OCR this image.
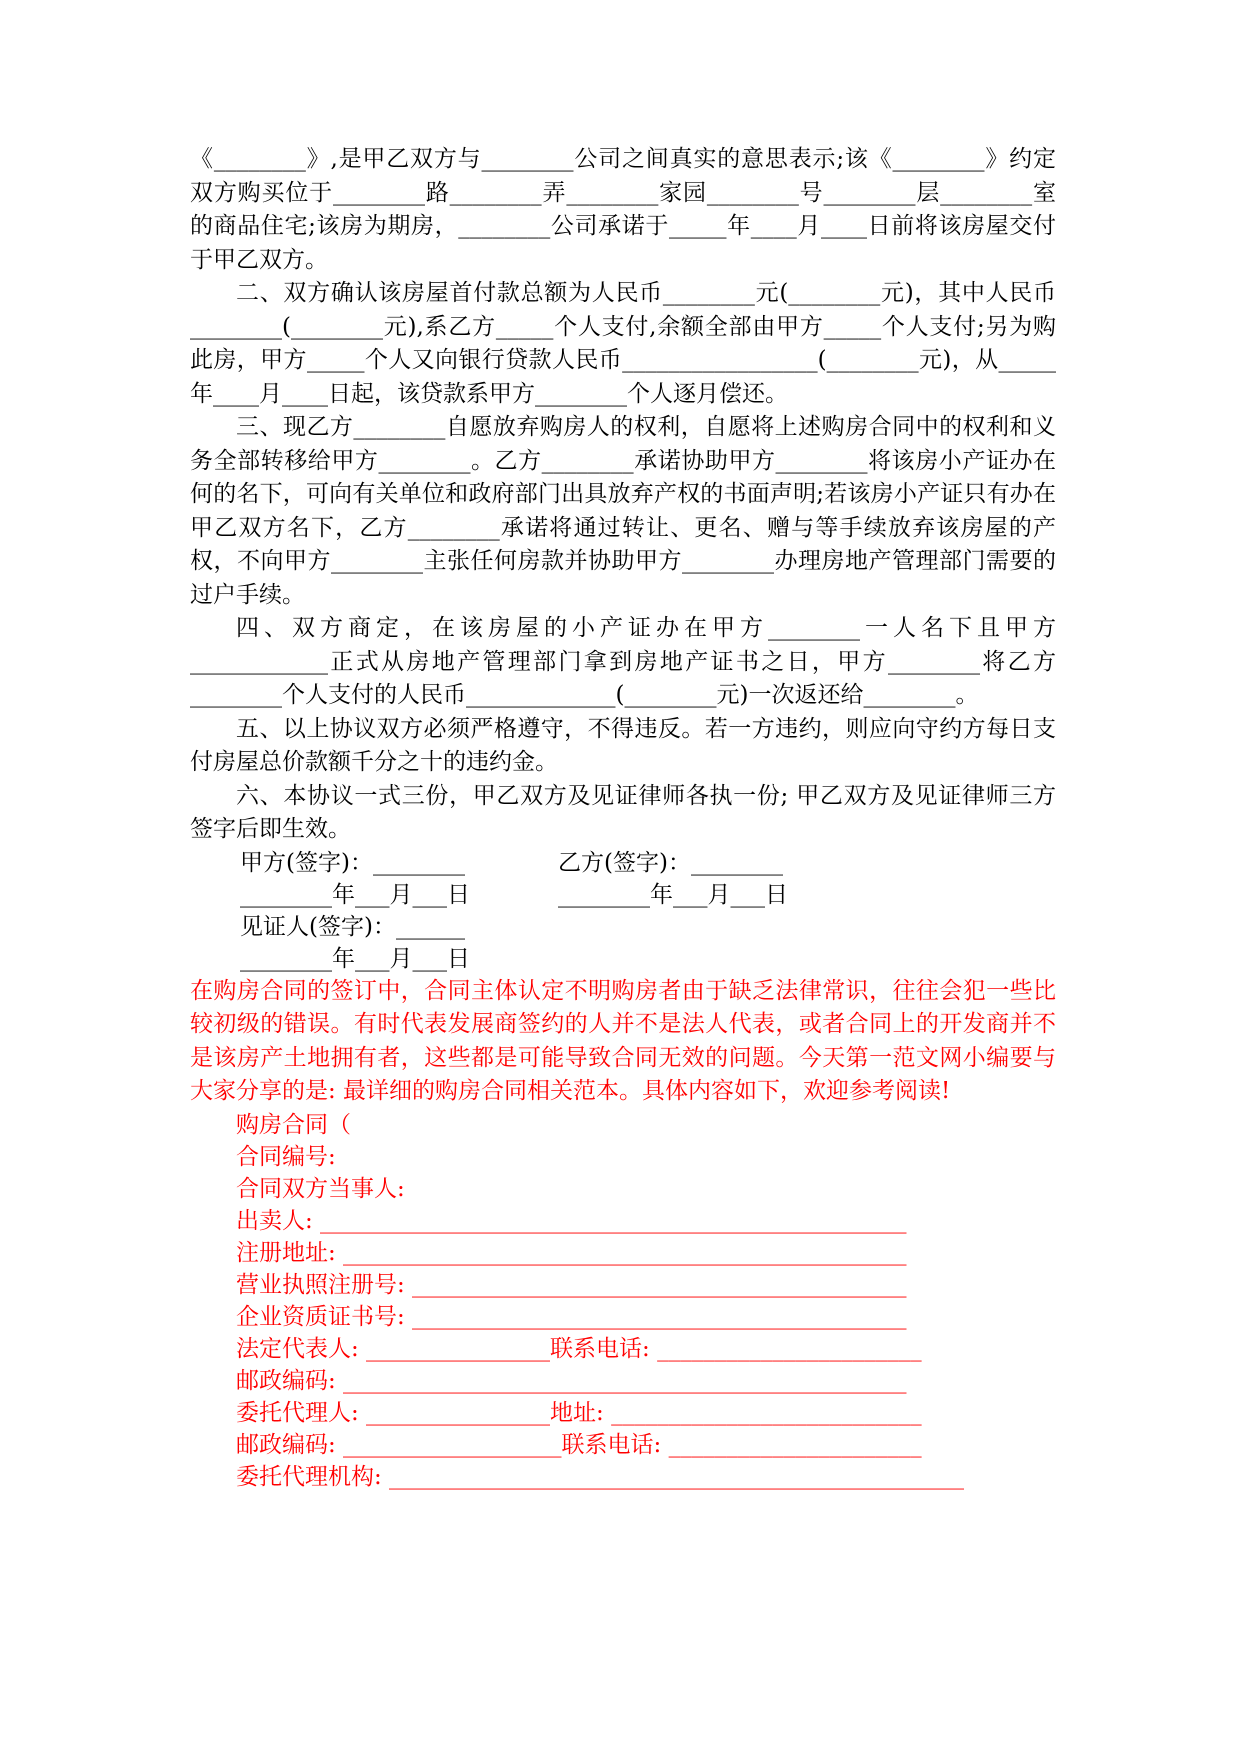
《________》,是甲乙双方与________公司之间真实的意思表示;该《________》约定双方购买位于________路________弄________家园________号________层________室的商品住宅;该房为期房，________公司承诺于_____年____月____日前将该房屋交付于甲乙双方。

二、双方确认该房屋首付款总额为人民币________元(________元)，其中人民币________(________元),系乙方_____个人支付,余额全部由甲方_____个人支付;另为购此房，甲方_____个人又向银行贷款人民币_________________(________元)，从_____年____月____日起，该贷款系甲方________个人逐月偿还。

三、现乙方________自愿放弃购房人的权利，自愿将上述购房合同中的权利和义务全部转移给甲方________。乙方________承诺协助甲方________将该房小产证办在何的名下，可向有关单位和政府部门出具放弃产权的书面声明;若该房小产证只有办在甲乙双方名下，乙方________承诺将通过转让、更名、赠与等手续放弃该房屋的产权，不向甲方________主张任何房款并协助甲方________办理房地产管理部门需要的过户手续。

四、双方商定，在该房屋的小产证办在甲方________一人名下且甲方____________正式从房地产管理部门拿到房地产证书之日，甲方________将乙方________个人支付的人民币_____________(________元)一次返还给________。

五、以上协议双方必须严格遵守，不得违反。若一方违约，则应向守约方每日支付房屋总价款额千分之十的违约金。

六、本协议一式三份，甲乙双方及见证律师各执一份; 甲乙双方及见证律师三方签字后即生效。

甲方(签字)：________	乙方(签字)：________

________年___月___日	________年___月___日

见证人(签字)：______

________年___月___日

在购房合同的签订中，合同主体认定不明购房者由于缺乏法律常识，往往会犯一些比较初级的错误。有时代表发展商签约的人并不是法人代表，或者合同上的开发商并不是该房产土地拥有者，这些都是可能导致合同无效的问题。今天第一范文网小编要与大家分享的是: 最详细的购房合同相关范本。具体内容如下，欢迎参考阅读!

购房合同（

合同编号:

合同双方当事人:

出卖人: ___________________________________________________

注册地址: _________________________________________________

营业执照注册号: ___________________________________________

企业资质证书号: ___________________________________________

法定代表人: ________________联系电话: _______________________

邮政编码: _________________________________________________

委托代理人: ________________地址: ___________________________

邮政编码: ___________________联系电话: ______________________

委托代理机构: __________________________________________________
